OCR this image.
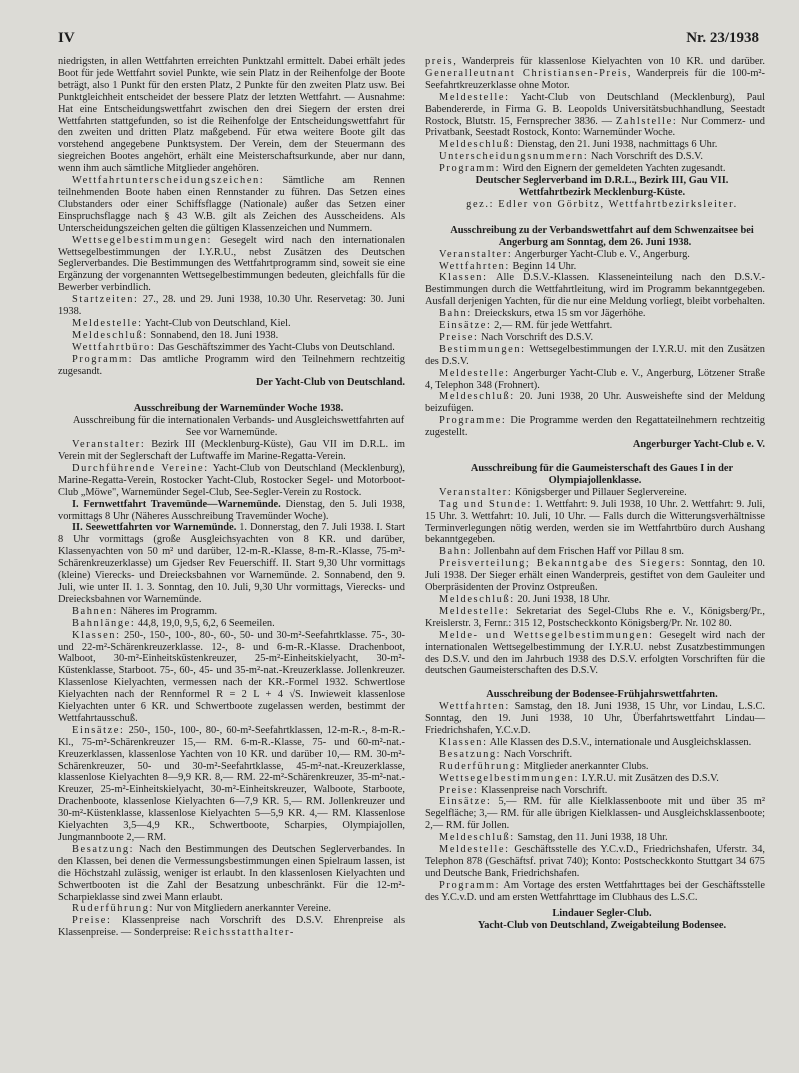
IV	Nr. 23/1938

niedrigsten, in allen Wettfahrten erreichten Punktzahl ermittelt. Dabei erhält jedes Boot für jede Wettfahrt soviel Punkte, wie sein Platz in der Reihenfolge der Boote beträgt, also 1 Punkt für den ersten Platz, 2 Punkte für den zweiten Platz usw. Bei Punktgleichheit entscheidet der bessere Platz der letzten Wettfahrt. — Ausnahme: Hat eine Entscheidungswettfahrt zwischen den drei Siegern der ersten drei Wettfahrten stattgefunden, so ist die Reihenfolge der Entscheidungswettfahrt für den zweiten und dritten Platz maßgebend. Für etwa weitere Boote gilt das vorstehend angegebene Punktsystem. Der Verein, dem der Steuermann des siegreichen Bootes angehört, erhält eine Meisterschaftsurkunde, aber nur dann, wenn ihm auch sämtliche Mitglieder angehören.

Wettfahrtunterscheidungszeichen: Sämtliche am Rennen teilnehmenden Boote haben einen Rennstander zu führen. Das Setzen eines Clubstanders oder einer Schiffsflagge (Nationale) außer das Setzen einer Einspruchsflagge nach § 43 W.B. gilt als Zeichen des Ausscheidens. Als Unterscheidungszeichen gelten die gültigen Klassenzeichen und Nummern.

Wettsegelbestimmungen: Gesegelt wird nach den internationalen Wettsegelbestimmungen der I.Y.R.U., nebst Zusätzen des Deutschen Seglerverbandes. Die Bestimmungen des Wettfahrtprogramm sind, soweit sie eine Ergänzung der vorgenannten Wettsegelbestimmungen bedeuten, gleichfalls für die Bewerber verbindlich.

Startzeiten: 27., 28. und 29. Juni 1938, 10.30 Uhr. Reservetag: 30. Juni 1938.

Meldestelle: Yacht-Club von Deutschland, Kiel.

Meldeschluß: Sonnabend, den 18. Juni 1938.

Wettfahrtbüro: Das Geschäftszimmer des Yacht-Clubs von Deutschland.

Programm: Das amtliche Programm wird den Teilnehmern rechtzeitig zugesandt.

Der Yacht-Club von Deutschland.

Ausschreibung der Warnemünder Woche 1938.

Ausschreibung für die internationalen Verbands- und Ausgleichswettfahrten auf See vor Warnemünde.

Veranstalter: Bezirk III (Mecklenburg-Küste), Gau VII im D.R.L. im Verein mit der Seglerschaft der Luftwaffe im Marine-Regatta-Verein.

Durchführende Vereine: Yacht-Club von Deutschland (Mecklenburg), Marine-Regatta-Verein, Rostocker Yacht-Club, Rostocker Segel- und Motorboot-Club „Möwe", Warnemünder Segel-Club, See-Segler-Verein zu Rostock.

I. Fernwettfahrt Travemünde—Warnemünde. Dienstag, den 5. Juli 1938, vormittags 8 Uhr (Näheres Ausschreibung Travemünder Woche).

II. Seewettfahrten vor Warnemünde. 1. Donnerstag, den 7. Juli 1938. I. Start 8 Uhr vormittags (große Ausgleichsyachten von 8 KR. und darüber, Klassenyachten von 50 m² und darüber, 12-m-R.-Klasse, 8-m-R.-Klasse, 75-m²-Schärenkreuzerklasse) um Gjedser Rev Feuerschiff. II. Start 9,30 Uhr vormittags (kleine) Vierecks- und Dreiecksbahnen vor Warnemünde. 2. Sonnabend, den 9. Juli, wie unter II. 1. 3. Sonntag, den 10. Juli, 9,30 Uhr vormittags, Vierecks- und Dreiecksbahnen vor Warnemünde.

Bahnen: Näheres im Programm.

Bahnlänge: 44,8, 19,0, 9,5, 6,2, 6 Seemeilen.

Klassen: 250-, 150-, 100-, 80-, 60-, 50- und 30-m²-Seefahrtklasse. 75-, 30- und 22-m²-Schärenkreuzerklasse. 12-, 8- und 6-m-R.-Klasse. Drachenboot, Walboot, 30-m²-Einheitsküstenkreuzer, 25-m²-Einheitskielyacht, 30-m²-Küstenklasse, Starboot. 75-, 60-, 45- und 35-m²-nat.-Kreuzerklasse. Jollenkreuzer. Klassenlose Kielyachten, vermessen nach der KR.-Formel 1932. Schwertlose Kielyachten nach der Rennformel R = 2 L + 4 √S. Inwieweit klassenlose Kielyachten unter 6 KR. und Schwertboote zugelassen werden, bestimmt der Wettfahrtausschuß.

Einsätze: 250-, 150-, 100-, 80-, 60-m²-Seefahrtklassen, 12-m-R.-, 8-m-R.-Kl., 75-m²-Schärenkreuzer 15,— RM. 6-m-R.-Klasse, 75- und 60-m²-nat.-Kreuzerklassen, klassenlose Yachten von 10 KR. und darüber 10,— RM. 30-m²-Schärenkreuzer, 50- und 30-m²-Seefahrtklasse, 45-m²-nat.-Kreuzerklasse, klassenlose Kielyachten 8—9,9 KR. 8,— RM. 22-m²-Schärenkreuzer, 35-m²-nat.-Kreuzer, 25-m²-Einheitskielyacht, 30-m²-Einheitskreuzer, Walboote, Starboote, Drachenboote, klassenlose Kielyachten 6—7,9 KR. 5,— RM. Jollenkreuzer und 30-m²-Küstenklasse, klassenlose Kielyachten 5—5,9 KR. 4,— RM. Klassenlose Kielyachten 3,5—4,9 KR., Schwertboote, Scharpies, Olympiajollen, Jungmannboote 2,— RM.

Besatzung: Nach den Bestimmungen des Deutschen Seglerverbandes. In den Klassen, bei denen die Vermessungsbestimmungen einen Spielraum lassen, ist die Höchstzahl zulässig, weniger ist erlaubt. In den klassenlosen Kielyachten und Schwertbooten ist die Zahl der Besatzung unbeschränkt. Für die 12-m²-Scharpieklasse sind zwei Mann erlaubt.

Ruderführung: Nur von Mitgliedern anerkannter Vereine.

Preise: Klassenpreise nach Vorschrift des D.S.V. Ehrenpreise als Klassenpreise. — Sonderpreise: Reichsstatthalter-

preis, Wanderpreis für klassenlose Kielyachten von 10 KR. und darüber. Generalleutnant Christiansen-Preis, Wanderpreis für die 100-m²-Seefahrtkreuzerklasse ohne Motor.

Meldestelle: Yacht-Club von Deutschland (Mecklenburg), Paul Babendererde, in Firma G. B. Leopolds Universitätsbuchhandlung, Seestadt Rostock, Blutstr. 15, Fernsprecher 3836. — Zahlstelle: Nur Commerz- und Privatbank, Seestadt Rostock, Konto: Warnemünder Woche.

Meldeschluß: Dienstag, den 21. Juni 1938, nachmittags 6 Uhr.

Unterscheidungsnummern: Nach Vorschrift des D.S.V.

Programm: Wird den Eignern der gemeldeten Yachten zugesandt.

Deutscher Seglerverband im D.R.L., Bezirk III, Gau VII.

Wettfahrtbezirk Mecklenburg-Küste.

gez.: Edler von Görbitz, Wettfahrtbezirksleiter.

Ausschreibung zu der Verbandswettfahrt auf dem Schwenzaitsee bei Angerburg am Sonntag, dem 26. Juni 1938.

Veranstalter: Angerburger Yacht-Club e. V., Angerburg.

Wettfahrten: Beginn 14 Uhr.

Klassen: Alle D.S.V.-Klassen. Klasseneinteilung nach den D.S.V.-Bestimmungen durch die Wettfahrtleitung, wird im Programm bekanntgegeben. Ausfall derjenigen Yachten, für die nur eine Meldung vorliegt, bleibt vorbehalten.

Bahn: Dreieckskurs, etwa 15 sm vor Jägerhöhe.

Einsätze: 2,— RM. für jede Wettfahrt.

Preise: Nach Vorschrift des D.S.V.

Bestimmungen: Wettsegelbestimmungen der I.Y.R.U. mit den Zusätzen des D.S.V.

Meldestelle: Angerburger Yacht-Club e. V., Angerburg, Lötzener Straße 4, Telephon 348 (Frohnert).

Meldeschluß: 20. Juni 1938, 20 Uhr. Ausweishefte sind der Meldung beizufügen.

Programme: Die Programme werden den Regattateilnehmern rechtzeitig zugestellt.

Angerburger Yacht-Club e. V.

Ausschreibung für die Gaumeisterschaft des Gaues I in der Olympiajollenklasse.

Veranstalter: Königsberger und Pillauer Seglervereine.

Tag und Stunde: 1. Wettfahrt: 9. Juli 1938, 10 Uhr. 2. Wettfahrt: 9. Juli, 15 Uhr. 3. Wettfahrt: 10. Juli, 10 Uhr. — Falls durch die Witterungsverhältnisse Terminverlegungen nötig werden, werden sie im Wettfahrtbüro durch Aushang bekanntgegeben.

Bahn: Jollenbahn auf dem Frischen Haff vor Pillau 8 sm.

Preisverteilung; Bekanntgabe des Siegers: Sonntag, den 10. Juli 1938. Der Sieger erhält einen Wanderpreis, gestiftet von dem Gauleiter und Oberpräsidenten der Provinz Ostpreußen.

Meldeschluß: 20. Juni 1938, 18 Uhr.

Meldestelle: Sekretariat des Segel-Clubs Rhe e. V., Königsberg/Pr., Kreislerstr. 3, Fernr.: 315 12, Postscheckkonto Königsberg/Pr. Nr. 102 80.

Melde- und Wettsegelbestimmungen: Gesegelt wird nach der internationalen Wettsegelbestimmung der I.Y.R.U. nebst Zusatzbestimmungen des D.S.V. und den im Jahrbuch 1938 des D.S.V. erfolgten Vorschriften für die deutschen Gaumeisterschaften des D.S.V.

Ausschreibung der Bodensee-Frühjahrswettfahrten.

Wettfahrten: Samstag, den 18. Juni 1938, 15 Uhr, vor Lindau, L.S.C. Sonntag, den 19. Juni 1938, 10 Uhr, Überfahrtswettfahrt Lindau—Friedrichshafen, Y.C.v.D.

Klassen: Alle Klassen des D.S.V., internationale und Ausgleichsklassen.

Besatzung: Nach Vorschrift.

Ruderführung: Mitglieder anerkannter Clubs.

Wettsegelbestimmungen: I.Y.R.U. mit Zusätzen des D.S.V.

Preise: Klassenpreise nach Vorschrift.

Einsätze: 5,— RM. für alle Kielklassenboote mit und über 35 m² Segelfläche; 3,— RM. für alle übrigen Kielklassen- und Ausgleichsklassenboote; 2,— RM. für Jollen.

Meldeschluß: Samstag, den 11. Juni 1938, 18 Uhr.

Meldestelle: Geschäftsstelle des Y.C.v.D., Friedrichshafen, Uferstr. 34, Telephon 878 (Geschäftsf. privat 740); Konto: Postscheckkonto Stuttgart 34 675 und Deutsche Bank, Friedrichshafen.

Programm: Am Vortage des ersten Wettfahrttages bei der Geschäftsstelle des Y.C.v.D. und am ersten Wettfahrttage im Clubhaus des L.S.C.

Lindauer Segler-Club.

Yacht-Club von Deutschland, Zweigabteilung Bodensee.
